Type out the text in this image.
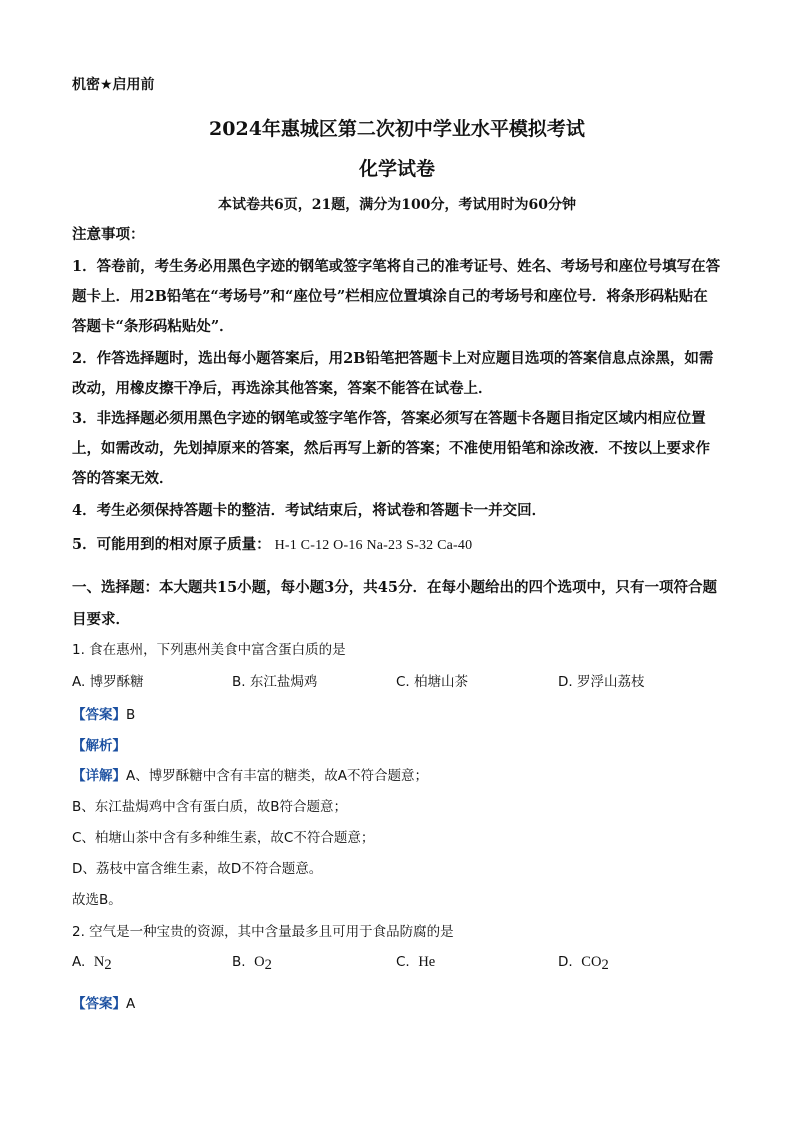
机密★启用前
2024年惠城区第二次初中学业水平模拟考试
化学试卷
本试卷共6页，21题，满分为100分，考试用时为60分钟
注意事项：
1．答卷前，考生务必用黑色字迹的钢笔或签字笔将自己的准考证号、姓名、考场号和座位号填写在答题卡上．用2B铅笔在“考场号”和“座位号”栏相应位置填涂自己的考场号和座位号．将条形码粘贴在答题卡“条形码粘贴处”．
2．作答选择题时，选出每小题答案后，用2B铅笔把答题卡上对应题目选项的答案信息点涂黑，如需改动，用橡皮擦干净后，再选涂其他答案，答案不能答在试卷上．
3．非选择题必须用黑色字迹的钢笔或签字笔作答，答案必须写在答题卡各题目指定区域内相应位置上，如需改动，先划掉原来的答案，然后再写上新的答案；不准使用铅笔和涂改液．不按以上要求作答的答案无效．
4．考生必须保持答题卡的整洁．考试结束后，将试卷和答题卡一并交回．
5．可能用到的相对原子质量： H-1 C-12 O-16 Na-23 S-32 Ca-40
一、选择题：本大题共15小题，每小题3分，共45分．在每小题给出的四个选项中，只有一项符合题目要求．
1. 食在惠州，下列惠州美食中富含蛋白质的是
A. 博罗酥糖	B. 东江盐焗鸡	C. 柏塘山茶	D. 罗浮山荔枝
【答案】B
【解析】
【详解】A、博罗酥糖中含有丰富的糖类，故A不符合题意；
B、东江盐焗鸡中含有蛋白质，故B符合题意；
C、柏塘山茶中含有多种维生素，故C不符合题意；
D、荔枝中富含维生素，故D不符合题意。
故选B。
2. 空气是一种宝贵的资源，其中含量最多且可用于食品防腐的是
A. $N_2$	B. $O_2$	C. He	D. $CO_2$
【答案】A
